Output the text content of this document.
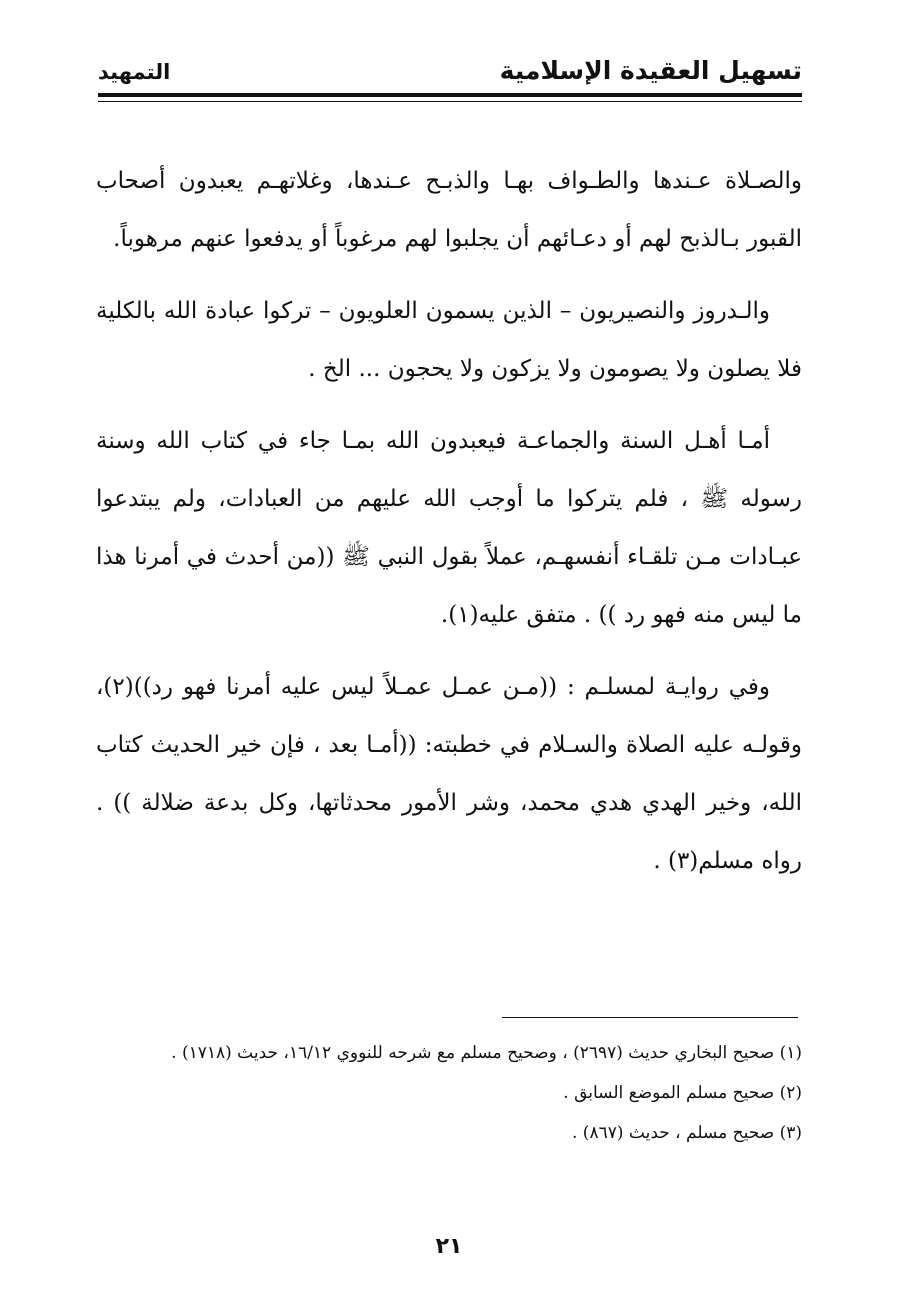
تسهيل العقيدة الإسلامية
التمهيد

والصـلاة عـندها والطـواف بهـا والذبـح عـندها، وغلاتهـم يعبدون أصحاب القبور بـالذبح لهم أو دعـائهم أن يجلبوا لهم مرغوباً أو يدفعوا عنهم مرهوباً.

والـدروز والنصيريون – الذين يسمون العلويون – تركوا عبادة الله بالكلية فلا يصلون ولا يصومون ولا يزكون ولا يحجون ... الخ .

أمـا أهـل السنة والجماعـة فيعبدون الله بمـا جاء في كتاب الله وسنة رسوله ﷺ ، فلم يتركوا ما أوجب الله عليهم من العبادات، ولم يبتدعوا عبـادات مـن تلقـاء أنفسهـم، عملاً بقول النبي ﷺ ((من أحدث في أمرنا هذا ما ليس منه فهو رد )) . متفق عليه(١).

وفي روايـة لمسلـم : ((مـن عمـل عمـلاً ليس عليه أمرنا فهو رد))(٢)، وقولـه عليه الصلاة والسـلام في خطبته: ((أمـا بعد ، فإن خير الحديث كتاب الله، وخير الهدي هدي محمد، وشر الأمور محدثاتها، وكل بدعة ضلالة )) . رواه مسلم(٣) .

(١) صحيح البخاري حديث (٢٦٩٧) ، وصحيح مسلم مع شرحه للنووي ١٦/١٢، حديث (١٧١٨) .

(٢) صحيح مسلم الموضع السابق .

(٣) صحيح مسلم ، حديث (٨٦٧) .

٢١
